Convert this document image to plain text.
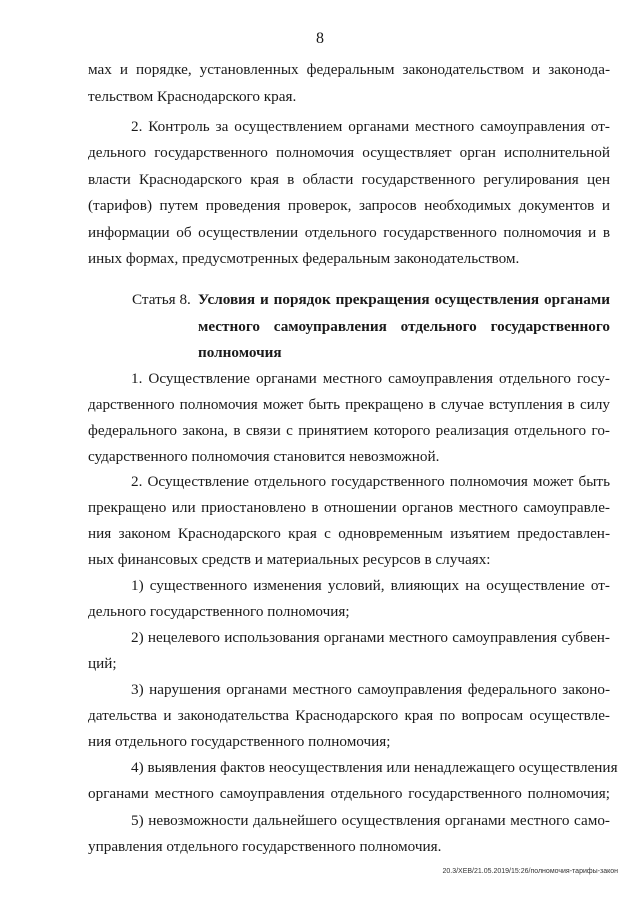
8
мах и порядке, установленных федеральным законодательством и законода-
тельством Краснодарского края.
2. Контроль за осуществлением органами местного самоуправления от-
дельного государственного полномочия осуществляет орган исполнительной
власти Краснодарского края в области государственного регулирования цен
(тарифов) путем проведения проверок, запросов необходимых документов и
информации об осуществлении отдельного государственного полномочия и в
иных формах, предусмотренных федеральным законодательством.
Статья 8. Условия и порядок прекращения осуществления органами
местного самоуправления отдельного государственного
полномочия
1. Осуществление органами местного самоуправления отдельного госу-
дарственного полномочия может быть прекращено в случае вступления в силу
федерального закона, в связи с принятием которого реализация отдельного го-
сударственного полномочия становится невозможной.
2. Осуществление отдельного государственного полномочия может быть
прекращено или приостановлено в отношении органов местного самоуправле-
ния законом Краснодарского края с одновременным изъятием предоставлен-
ных финансовых средств и материальных ресурсов в случаях:
1) существенного изменения условий, влияющих на осуществление от-
дельного государственного полномочия;
2) нецелевого использования органами местного самоуправления субвен-
ций;
3) нарушения органами местного самоуправления федерального законо-
дательства и законодательства Краснодарского края по вопросам осуществле-
ния отдельного государственного полномочия;
4) выявления фактов неосуществления или ненадлежащего осуществления
органами местного самоуправления отдельного государственного полномочия;
5) невозможности дальнейшего осуществления органами местного само-
управления отдельного государственного полномочия.
20.3/ХЕВ/21.05.2019/15:26/полномочия-тарифы-закон
